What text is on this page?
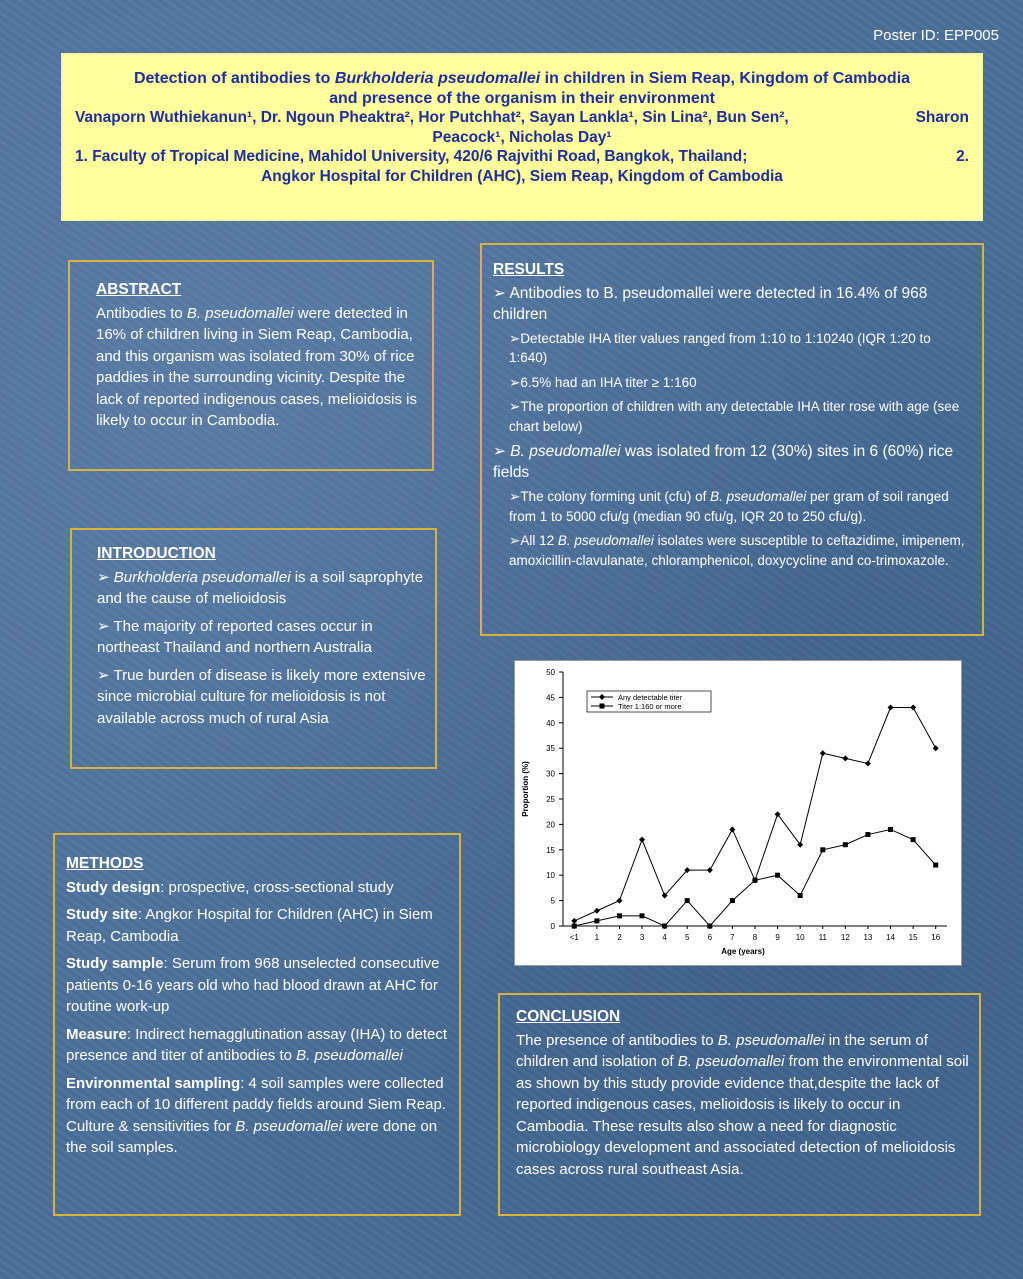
Poster ID: EPP005
Detection of antibodies to Burkholderia pseudomallei in children in Siem Reap, Kingdom of Cambodia
and presence of the organism in their environment
Vanaporn Wuthiekanun¹, Dr. Ngoun Pheaktra², Hor Putchhat², Sayan Lankla¹, Sin Lina², Bun Sen²,	Sharon
Peacock¹, Nicholas Day¹
1. Faculty of Tropical Medicine, Mahidol University, 420/6 Rajvithi Road, Bangkok, Thailand;	2.
Angkor Hospital for Children (AHC), Siem Reap, Kingdom of Cambodia
ABSTRACT

Antibodies to B. pseudomallei were detected in 16% of children living in Siem Reap, Cambodia, and this organism was isolated from 30% of rice paddies in the surrounding vicinity. Despite the lack of reported indigenous cases, melioidosis is likely to occur in Cambodia.

INTRODUCTION

➢ Burkholderia pseudomallei is a soil saprophyte and the cause of melioidosis

➢ The majority of reported cases occur in northeast Thailand and northern Australia

➢ True burden of disease is likely more extensive since microbial culture for melioidosis is not available across much of rural Asia

METHODS

Study design: prospective, cross-sectional study

Study site: Angkor Hospital for Children (AHC) in Siem Reap, Cambodia

Study sample: Serum from 968 unselected consecutive patients 0-16 years old who had blood drawn at AHC for routine work-up

Measure: Indirect hemagglutination assay (IHA) to detect presence and titer of antibodies to B. pseudomallei

Environmental sampling: 4 soil samples were collected from each of 10 different paddy fields around Siem Reap. Culture & sensitivities for B. pseudomallei were done on the soil samples.

RESULTS

➢ Antibodies to B. pseudomallei were detected in 16.4% of 968 children

➢Detectable IHA titer values ranged from 1:10 to 1:10240 (IQR 1:20 to 1:640)

➢6.5% had an IHA titer ≥ 1:160

➢The proportion of children with any detectable IHA titer rose with age (see chart below)

➢ B. pseudomallei was isolated from 12 (30%) sites in 6 (60%) rice fields

➢The colony forming unit (cfu) of B. pseudomallei per gram of soil ranged from 1 to 5000 cfu/g (median 90 cfu/g, IQR 20 to 250 cfu/g).

➢All 12 B. pseudomallei isolates were susceptible to ceftazidime, imipenem, amoxicillin-clavulanate, chloramphenicol, doxycycline and co-trimoxazole.

0
5
10
15
20
25
30
35
40
45
50
<1 1 2 3 4 5 6 7 8 9 10 11 12 13 14 15 16
Age (years)
Proportion (%)
Any detectable titer
Titer 1:160 or more
CONCLUSION

The presence of antibodies to B. pseudomallei in the serum of children and isolation of B. pseudomallei from the environmental soil as shown by this study provide evidence that,despite the lack of reported indigenous cases, melioidosis is likely to occur in Cambodia. These results also show a need for diagnostic microbiology development and associated detection of melioidosis cases across rural southeast Asia.
